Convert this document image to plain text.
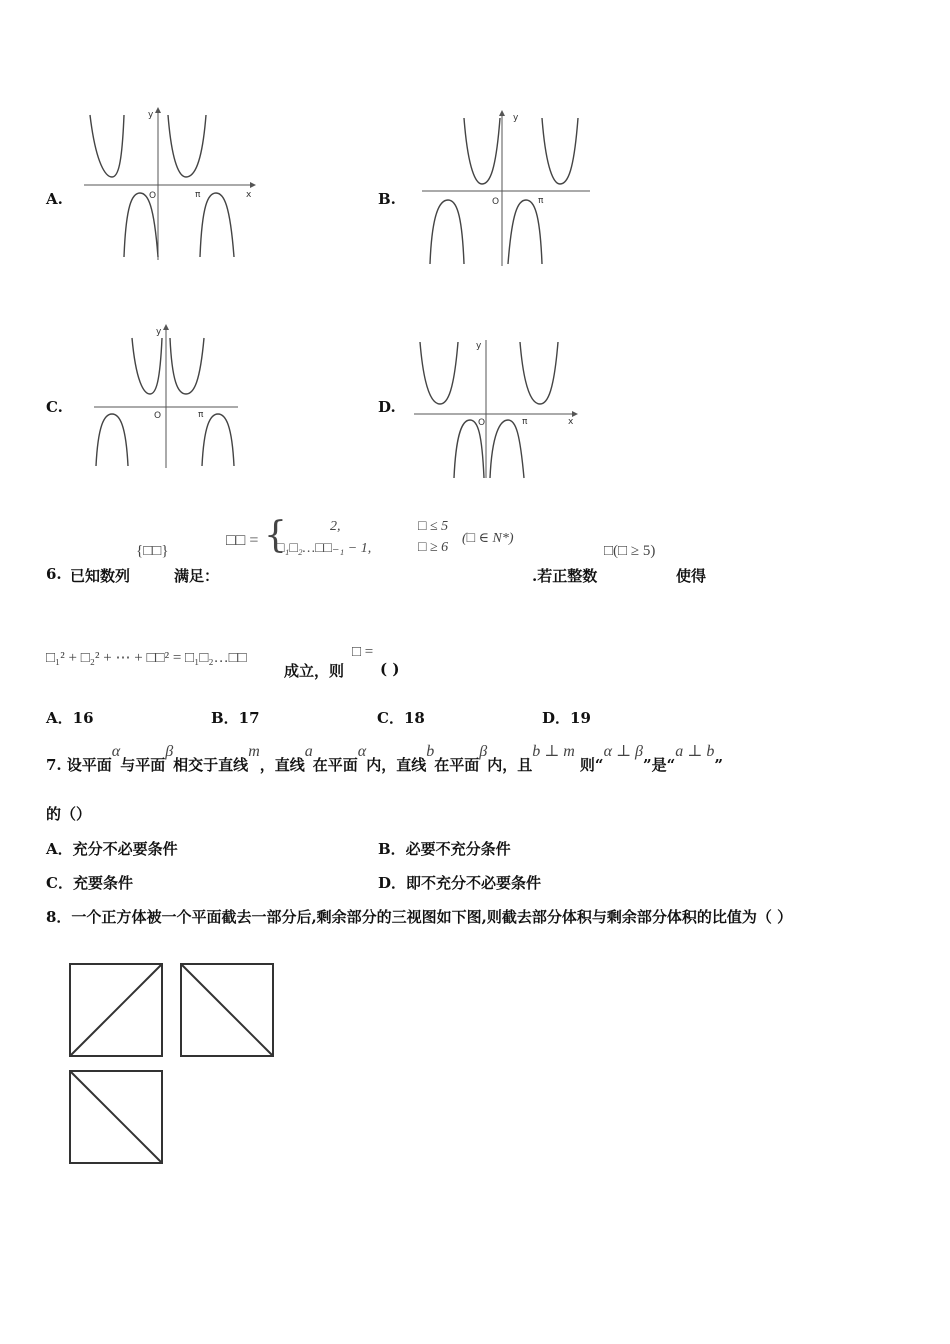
A.
y
x
O	π	B.
y
O	π
C.
y
O	π	D.
y
x
O	π
{□□}
□□ = {	2,	□ ≤ 5
□₁□₂…□□₋₁ − 1,	□ ≥ 6
(□ ∈ N*)
□(□ ≥ 5)
6. 已知数列	满足：	.若正整数	使得
□₁² + □₂² + ⋯ + □□² = □₁□₂…□□
成立，则
□ =
( )
A．16	B．17	C．18	D．19
7. 设平面α与平面β相交于直线m，直线a在平面α内，直线b在平面β内，且b ⊥ m 则“α ⊥ β”是“a ⊥ b”
的（）
A．充分不必要条件	B．必要不充分条件
C．充要条件	D．即不充分不必要条件
8．一个正方体被一个平面截去一部分后,剩余部分的三视图如下图,则截去部分体积与剩余部分体积的比值为（ ）
